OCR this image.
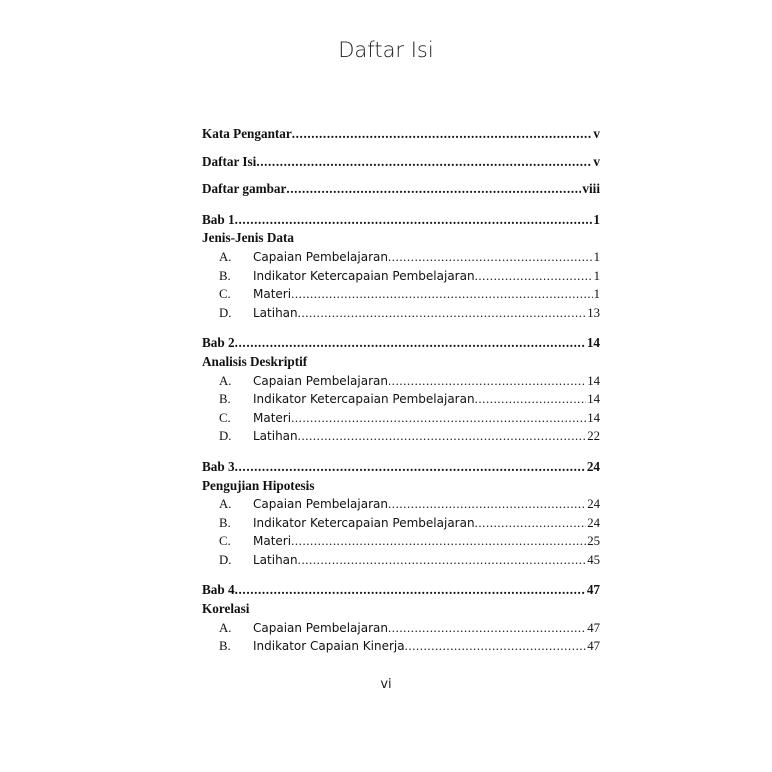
Daftar Isi
Kata Pengantar .....	v
Daftar Isi .....	v
Daftar gambar .....	viii
Bab 1 .....	1
Jenis-Jenis Data
A.	Capaian Pembelajaran .....	1
B.	Indikator Ketercapaian Pembelajaran .....	1
C.	Materi .....	1
D.	Latihan .....	13
Bab 2 .....	14
Analisis Deskriptif
A.	Capaian Pembelajaran .....	14
B.	Indikator Ketercapaian Pembelajaran .....	14
C.	Materi .....	14
D.	Latihan .....	22
Bab 3 .....	24
Pengujian Hipotesis
A.	Capaian Pembelajaran .....	24
B.	Indikator Ketercapaian Pembelajaran .....	24
C.	Materi .....	25
D.	Latihan .....	45
Bab 4 .....	47
Korelasi
A.	Capaian Pembelajaran .....	47
B.	Indikator Capaian Kinerja .....	47
vi
